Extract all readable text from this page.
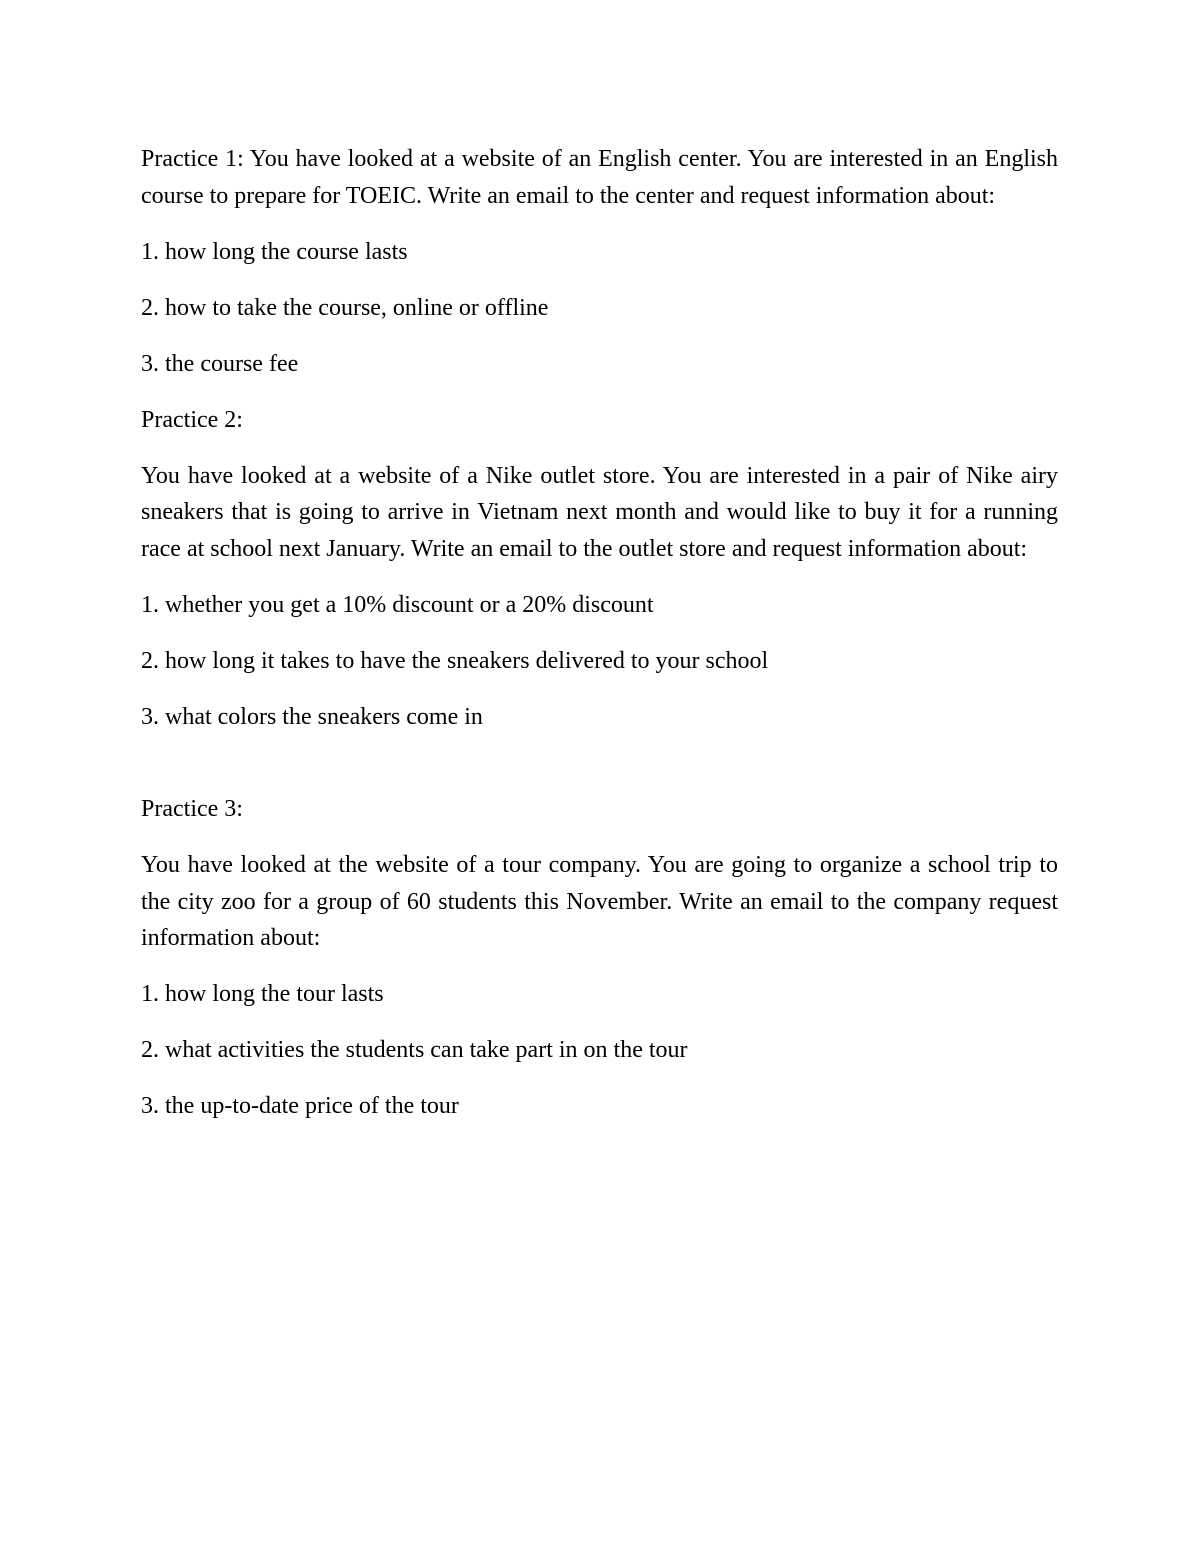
Practice 1: You have looked at a website of an English center. You are interested in an English course to prepare for TOEIC. Write an email to the center and request information about:

1. how long the course lasts

2. how to take the course, online or offline

3. the course fee

Practice 2:

You have looked at a website of a Nike outlet store. You are interested in a pair of Nike airy sneakers that is going to arrive in Vietnam next month and would like to buy it for a running race at school next January. Write an email to the outlet store and request information about:

1. whether you get a 10% discount or a 20% discount

2. how long it takes to have the sneakers delivered to your school

3. what colors the sneakers come in

Practice 3:

You have looked at the website of a tour company. You are going to organize a school trip to the city zoo for a group of 60 students this November. Write an email to the company request information about:

1. how long the tour lasts

2. what activities the students can take part in on the tour

3. the up-to-date price of the tour
